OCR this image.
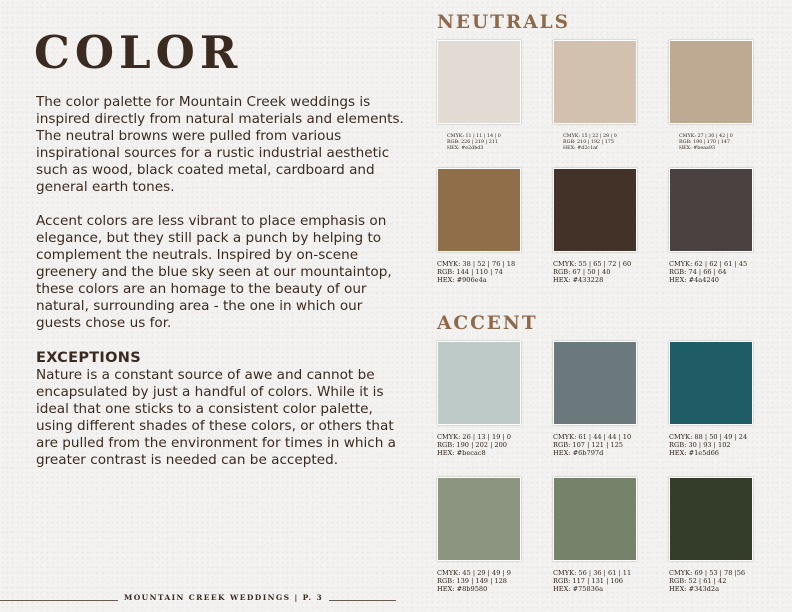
COLOR

The color palette for Mountain Creek weddings is inspired directly from natural materials and elements. The neutral browns were pulled from various inspirational sources for a rustic industrial aesthetic such as wood, black coated metal, cardboard and general earth tones.

Accent colors are less vibrant to place emphasis on elegance, but they still pack a punch by helping to complement the neutrals. Inspired by on-scene greenery and the blue sky seen at our mountaintop, these colors are an homage to the beauty of our natural, surrounding area - the one in which our guests chose us for.

EXCEPTIONS

Nature is a constant source of awe and cannot be encapsulated by just a handful of colors. While it is ideal that one sticks to a consistent color palette, using different shades of these colors, or others that are pulled from the environment for times in which a greater contrast is needed can be accepted.

MOUNTAIN CREEK WEDDINGS | P. 3
NEUTRALS
CMYK: 11 | 11 | 14 | 0
RGB: 226 | 219 | 211
HEX: #e2dbd3
CMYK: 15 | 22 | 28 | 0
RGB: 210 | 192 | 175
HEX: #d2c1af
CMYK: 27 | 30 | 42 | 0
RGB: 190 | 170 | 147
HEX: #beaa93
CMYK: 38 | 52 | 76 | 18
RGB: 144 | 110 | 74
HEX: #906e4a
CMYK: 55 | 65 | 72 | 60
RGB: 67 | 50 | 40
HEX: #433228
CMYK: 62 | 62 | 61 | 45
RGB: 74 | 66 | 64
HEX: #4a4240
ACCENT
CMYK: 26 | 13 | 19 | 0
RGB: 190 | 202 | 200
HEX: #becac8
CMYK: 61 | 44 | 44 | 10
RGB: 107 | 121 | 125
HEX: #6b797d
CMYK: 88 | 50 | 49 | 24
RGB: 30 | 93 | 102
HEX: #1e5d66
CMYK: 45 | 29 | 49 | 9
RGB: 139 | 149 | 128
HEX: #8b9580
CMYK: 56 | 36 | 61 | 11
RGB: 117 | 131 | 106
HEX: #75836a
CMYK: 69 | 53 | 78 |56
RGB: 52 | 61 | 42
HEX: #343d2a
